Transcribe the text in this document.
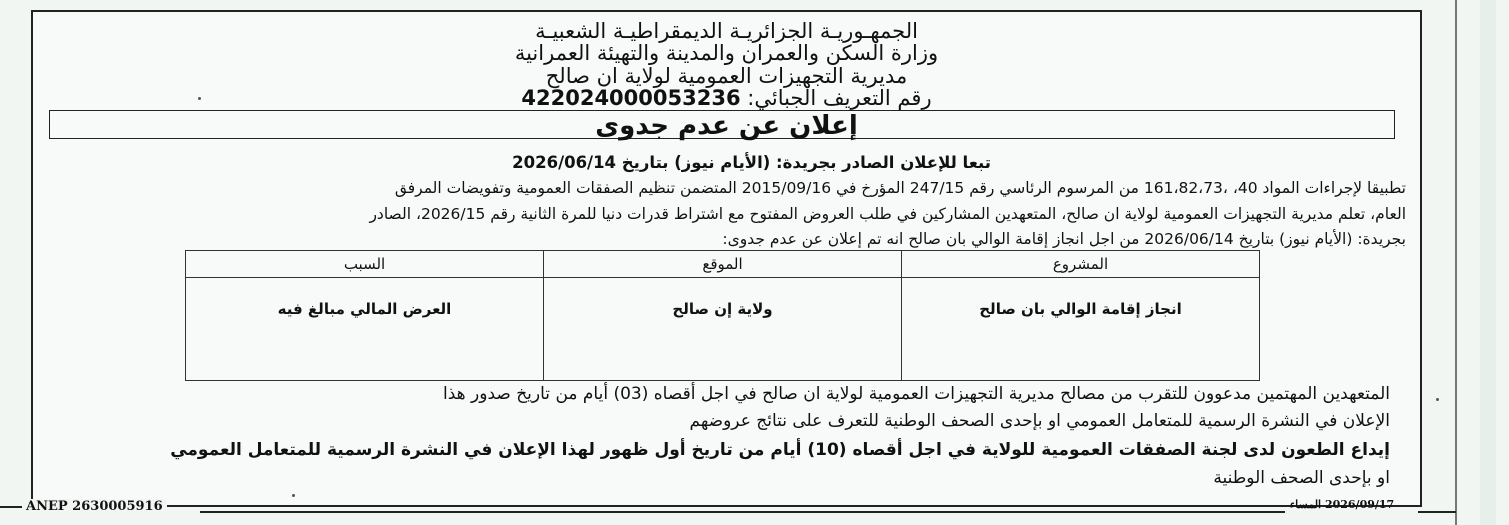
الجمهـوريـة الجزائريـة الديمقراطيـة الشعبيـة
وزارة السكن والعمران والمدينة والتهيئة العمرانية
مديرية التجهيزات العمومية لولاية ان صالح
رقم التعريف الجبائي: 422024000053236
إعلان عن عدم جدوى
تبعا للإعلان الصادر بجريدة: (الأيام نيوز) بتاريخ 2026/06/14
تطبيقا لإجراءات المواد 40، ،161،82،73 من المرسوم الرئاسي رقم 247/15 المؤرخ في 2015/09/16 المتضمن تنظيم الصفقات العمومية وتفويضات المرفق
العام، تعلم مديرية التجهيزات العمومية لولاية ان صالح، المتعهدين المشاركين في طلب العروض المفتوح مع اشتراط قدرات دنيا للمرة الثانية رقم 2026/15، الصادر
بجريدة: (الأيام نيوز) بتاريخ 2026/06/14 من اجل انجاز إقامة الوالي بان صالح انه تم إعلان عن عدم جدوى:
المشروع	الموقع	السبب
انجاز إقامة الوالي بان صالح	ولاية إن صالح	العرض المالي مبالغ فيه
المتعهدين المهتمين مدعوون للتقرب من مصالح مديرية التجهيزات العمومية لولاية ان صالح في اجل أقصاه (03) أيام من تاريخ صدور هذا
الإعلان في النشرة الرسمية للمتعامل العمومي او بإحدى الصحف الوطنية للتعرف على نتائج عروضهم
إيداع الطعون لدى لجنة الصفقات العمومية للولاية في اجل أقصاه (10) أيام من تاريخ أول ظهور لهذا الإعلان في النشرة الرسمية للمتعامل العمومي
او بإحدى الصحف الوطنية
ANEP 2630005916	2026/09/17 المساء
